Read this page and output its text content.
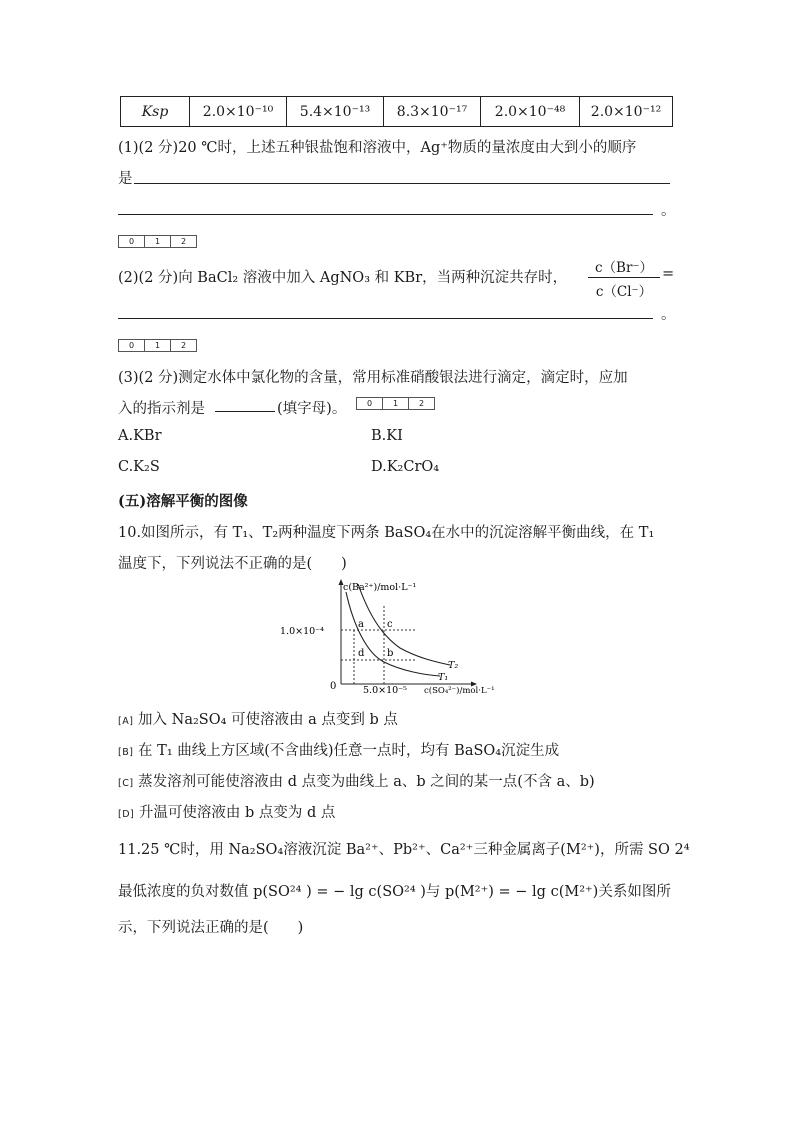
Ksp	2.0×10⁻¹⁰	5.4×10⁻¹³	8.3×10⁻¹⁷	2.0×10⁻⁴⁸	2.0×10⁻¹²
(1)(2 分)20 ℃时，上述五种银盐饱和溶液中，Ag⁺物质的量浓度由大到小的顺序
是
。
0	1	2
(2)(2 分)向 BaCl₂ 溶液中加入 AgNO₃ 和 KBr，当两种沉淀共存时， $\frac{c(Br^-)}{c(Cl^-)}$ =
。
0	1	2
(3)(2 分)测定水体中氯化物的含量，常用标准硝酸银法进行滴定，滴定时，应加
入的指示剂是	(填字母)。	0	1	2
A.KBr	B.KI
C.K₂S	D.K₂CrO₄
(五)溶解平衡的图像
10.如图所示，有 T₁、T₂两种温度下两条 BaSO₄在水中的沉淀溶解平衡曲线，在 T₁
温度下，下列说法不正确的是(　　)
c(Ba²⁺)/mol·L⁻¹
1.0×10⁻⁴
5.0×10⁻⁵ c(SO₄²⁻)/mol·L⁻¹
0
a c
d b
T₂
T₁
[A] 加入 Na₂SO₄ 可使溶液由 a 点变到 b 点
[B] 在 T₁ 曲线上方区域(不含曲线)任意一点时，均有 BaSO₄沉淀生成
[C] 蒸发溶剂可能使溶液由 d 点变为曲线上 a、b 之间的某一点(不含 a、b)
[D] 升温可使溶液由 b 点变为 d 点
11.25 ℃时，用 Na₂SO₄溶液沉淀 Ba²⁺、Pb²⁺、Ca²⁺三种金属离子(M²⁺)，所需 SO 2⁴
最低浓度的负对数值 p(SO²⁴ ) = − lg c(SO²⁴ )与 p(M²⁺) = − lg c(M²⁺)关系如图所
示，下列说法正确的是(　　)
